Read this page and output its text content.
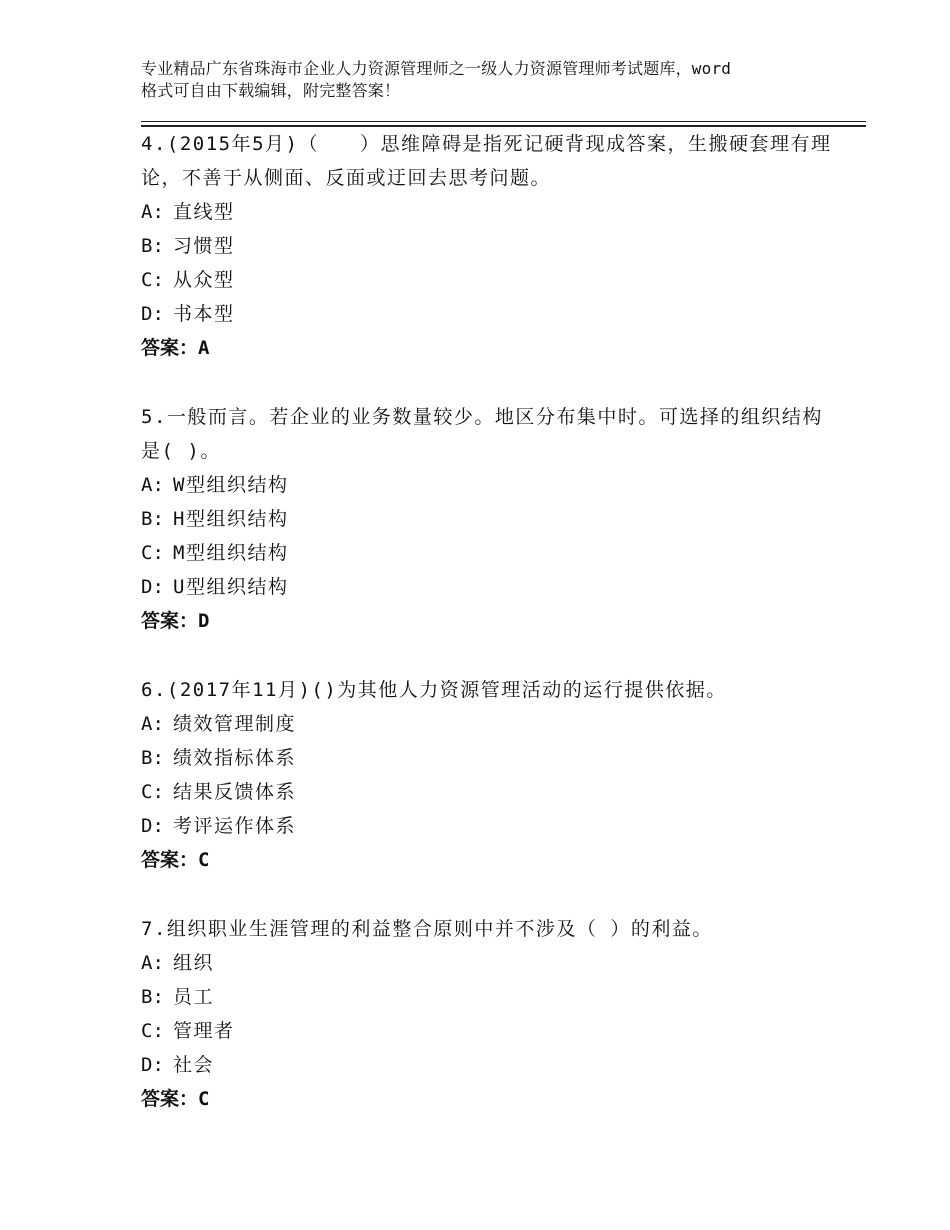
专业精品广东省珠海市企业人力资源管理师之一级人力资源管理师考试题库，word
格式可自由下载编辑，附完整答案！

4.(2015年5月)（　　）思维障碍是指死记硬背现成答案，生搬硬套理有理论，不善于从侧面、反面或迂回去思考问题。

A: 直线型
B: 习惯型
C: 从众型
D: 书本型
答案：A

5.一般而言。若企业的业务数量较少。地区分布集中时。可选择的组织结构是( )。

A: W型组织结构
B: H型组织结构
C: M型组织结构
D: U型组织结构
答案：D

6.(2017年11月)()为其他人力资源管理活动的运行提供依据。

A: 绩效管理制度
B: 绩效指标体系
C: 结果反馈体系
D: 考评运作体系
答案：C

7.组织职业生涯管理的利益整合原则中并不涉及（ ）的利益。

A: 组织
B: 员工
C: 管理者
D: 社会
答案：C
